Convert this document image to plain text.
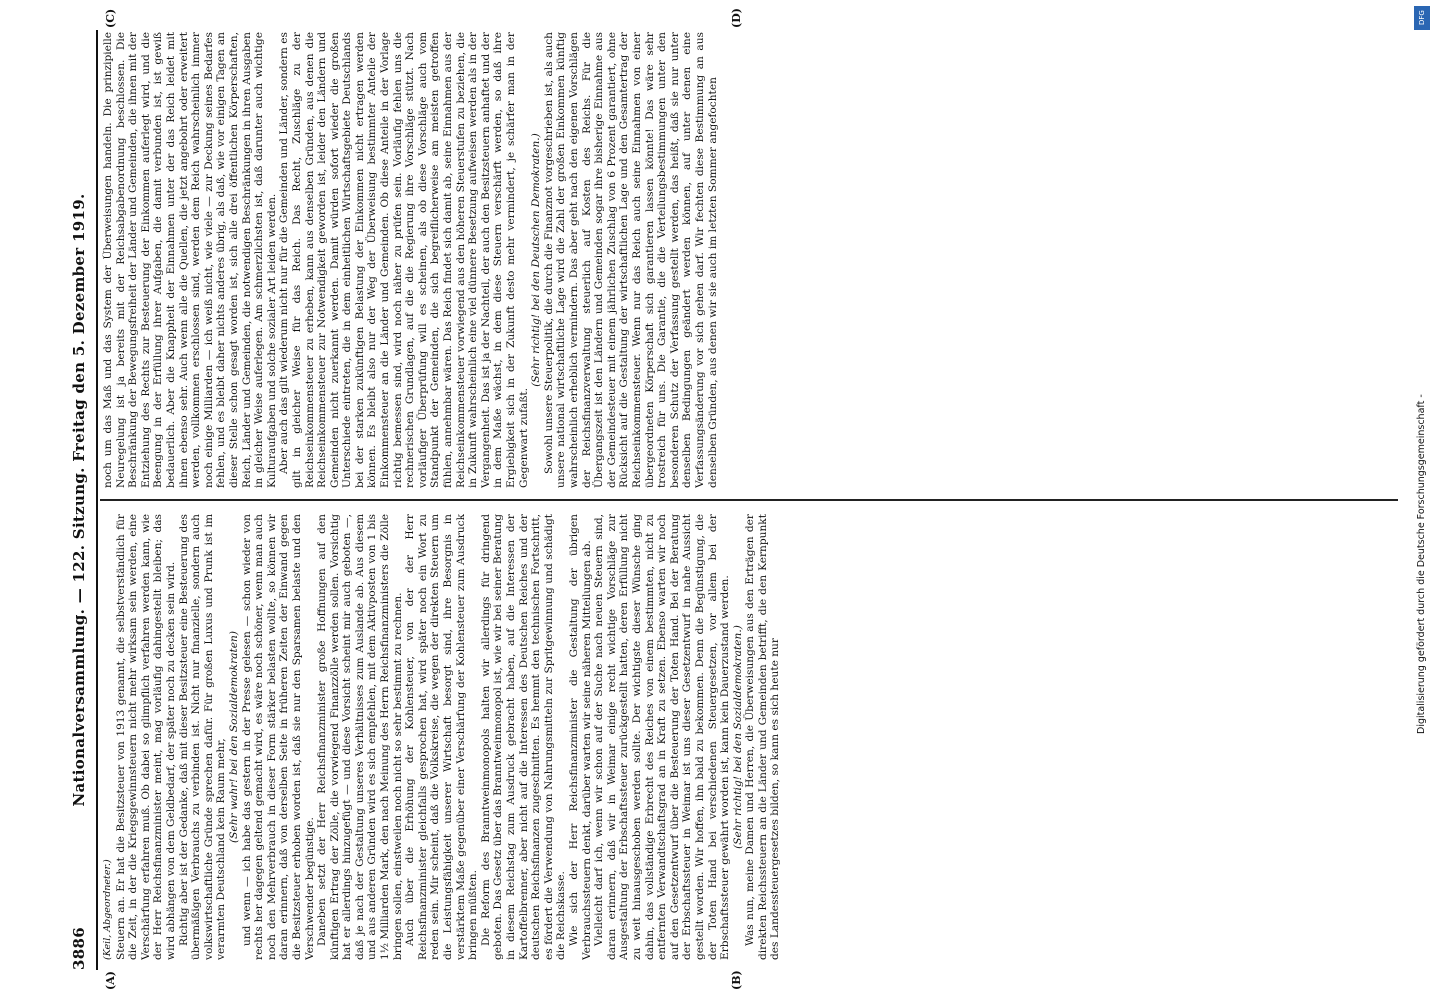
DFG
Digitalisierung gefördert durch die Deutsche Forschungsgemeinschaft -
3886
Nationalversammlung. — 122. Sitzung. Freitag den 5. Dezember 1919.
(A)	(B)
(C)	(D)

(Keil, Abgeordneter.) Steuern an. Er hat die Besitzsteuer von 1913 genannt, die selbstverständlich für die Zeit, in der die Kriegsgewinnsteuern nicht mehr wirksam sein werden, eine Verschärfung erfahren muß. Ob dabei so glimpflich verfahren werden kann, wie der Herr Reichsfinanzminister meint, mag vorläufig dahingestellt bleiben; das wird abhängen von dem Geldbedarf, der später noch zu decken sein wird. Richtig aber ist der Gedanke, daß mit dieser Besitzsteuer eine Besteuerung des übermäßigen Verbrauchs zu verbinden ist. Nicht nur finanzielle, sondern auch volkswirtschaftliche Gründe sprechen dafür. Für großen Luxus und Prunk ist im verarmten Deutschland kein Raum mehr,

(Sehr wahr! bei den Sozialdemokraten) und wenn — ich habe das gestern in der Presse gelesen — schon wieder von rechts her dagegen geltend gemacht wird, es wäre noch schöner, wenn man auch noch den Mehrverbrauch in dieser Form stärker belasten wollte, so können wir daran erinnern, daß von derselben Seite in früheren Zeiten der Einwand gegen die Besitzsteuer erhoben worden ist, daß sie nur den Sparsamen belaste und den Verschwender begünstige. Daneben setzt der Herr Reichsfinanzminister große Hoffnungen auf den künftigen Ertrag der Zölle, die vorwiegend Finanzzölle werden sollen. Vorsichtig hat er allerdings hinzugefügt — und diese Vorsicht scheint mir auch geboten —, daß je nach der Gestaltung unseres Verhältnisses zum Auslande ab. Aus diesem und aus anderen Gründen wird es sich empfehlen, mit dem Aktivposten von 1 bis 1½ Milliarden Mark, den nach Meinung des Herrn Reichsfinanzministers die Zölle bringen sollen, einstweilen noch nicht so sehr bestimmt zu rechnen. Auch über die Erhöhung der Kohlensteuer, von der der Herr Reichsfinanzminister gleichfalls gesprochen hat, wird später noch ein Wort zu reden sein. Mir scheint, daß die Volkskreise, die wegen der direkten Steuern um die Leistungsfähigkeit unserer Wirtschaft besorgt sind, ihre Besorgnis in verstärktem Maße gegenüber einer Verschärfung der Kohlensteuer zum Ausdruck bringen müßten. Die Reform des Branntweinmonopols halten wir allerdings für dringend geboten. Das Gesetz über das Branntweinmonopol ist, wie wir bei seiner Beratung in diesem Reichstag zum Ausdruck gebracht haben, auf die Interessen der Kartoffelbrenner, aber nicht auf die Interessen des Deutschen Reiches und der deutschen Reichsfinanzen zugeschnitten. Es hemmt den technischen Fortschritt, es fördert die Verwendung von Nahrungsmitteln zur Spritgewinnung und schädigt die Reichskasse. Wie sich der Herr Reichsfinanzminister die Gestaltung der übrigen Verbrauchssteuern denkt, darüber warten wir seine näheren Mitteilungen ab. Vielleicht darf ich, wenn wir schon auf der Suche nach neuen Steuern sind, daran erinnern, daß wir in Weimar einige recht wichtige Vorschläge zur Ausgestaltung der Erbschaftssteuer zurückgestellt hatten, deren Erfüllung nicht zu weit hinausgeschoben werden sollte. Der wichtigste dieser Wünsche ging dahin, das vollständige Erbrecht des Reiches von einem bestimmten, nicht zu entfernten Verwandtschaftsgrad an in Kraft zu setzen. Ebenso warten wir noch auf den Gesetzentwurf über die Besteuerung der Toten Hand. Bei der Beratung der Erbschaftssteuer in Weimar ist uns dieser Gesetzentwurf in nahe Aussicht gestellt worden. Wir hoffen, ihn bald zu bekommen. Denn die Begünstigung, die der Toten Hand bei verschiedenen Steuergesetzen, vor allem bei der Erbschaftssteuer gewährt worden ist, kann kein Dauerzustand werden. (Sehr richtig! bei den Sozialdemokraten.) Was nun, meine Damen und Herren, die Überweisungen aus den Erträgen der direkten Reichssteuern an die Länder und Gemeinden betrifft, die den Kernpunkt des Landessteuergesetzes bilden, so kann es sich heute nur

noch um das Maß und das System der Überweisungen handeln. Die prinzipielle Neuregelung ist ja bereits mit der Reichsabgabenordnung beschlossen. Die Beschränkung der Bewegungsfreiheit der Länder und Gemeinden, die ihnen mit der Entziehung des Rechts zur Besteuerung der Einkommen auferlegt wird, und die Beengung in der Erfüllung ihrer Aufgaben, die damit verbunden ist, ist gewiß bedauerlich. Aber die Knappheit der Einnahmen unter der das Reich leidet mit ihnen ebenso sehr. Auch wenn alle die Quellen, die jetzt angebohrt oder erweitert werden, vollkommen erschlossen sind, werden dem Reich wahrscheinlich immer noch einige Milliarden — ich weiß nicht, wie viele — zur Deckung seines Bedarfes fehlen, und es bleibt daher nichts anderes übrig, als daß, wie vor einigen Tagen an dieser Stelle schon gesagt worden ist, sich alle drei öffentlichen Körperschaften, Reich, Länder und Gemeinden, die notwendigen Beschränkungen in ihren Ausgaben in gleicher Weise auferlegen. Am schmerzlichsten ist, daß darunter auch wichtige Kulturaufgaben und solche sozialer Art leiden werden. Aber auch das gilt wiederum nicht nur für die Gemeinden und Länder, sondern es gilt in gleicher Weise für das Reich. Das Recht, Zuschläge zu der Reichseinkommensteuer zu erheben, kann aus denselben Gründen, aus denen die Reichseinkommensteuer zur Notwendigkeit geworden ist, leider den Ländern und Gemeinden nicht zuerkannt werden. Damit würden sofort wieder die großen Unterschiede eintreten, die in dem einheitlichen Wirtschaftsgebiete Deutschlands bei der starken zukünftigen Belastung der Einkommen nicht ertragen werden können. Es bleibt also nur der Weg der Überweisung bestimmter Anteile der Einkommensteuer an die Länder und Gemeinden. Ob diese Anteile in der Vorlage richtig bemessen sind, wird noch näher zu prüfen sein. Vorläufig fehlen uns die rechnerischen Grundlagen, auf die die Regierung ihre Vorschläge stützt. Nach vorläufiger Überprüfung will es scheinen, als ob diese Vorschläge auch vom Standpunkt der Gemeinden, die sich begreiflicherweise am meisten getroffen fühlen, annehmbar wären. Das Reich findet sich damit ab, seine Einnahmen aus der Reichseinkommensteuer vorwiegend aus den höheren Steuerstufen zu beziehen, die in Zukunft wahrscheinlich eine viel dünnere Besetzung aufweisen werden als in der Vergangenheit. Das ist ja der Nachteil, der auch den Besitzsteuern anhaftet und der in dem Maße wächst, in dem diese Steuern verschärft werden, so daß ihre Ergiebigkeit sich in der Zukunft desto mehr vermindert, je schärfer man in der Gegenwart zufaßt.

(Sehr richtig! bei den Deutschen Demokraten.) Sowohl unsere Steuerpolitik, die durch die Finanznot vorgeschrieben ist, als auch unsere national wirtschaftliche Lage wird die Zahl der großen Einkommen künftig wahrscheinlich erheblich vermindern. Das aber geht nach den eigenen Vorschlägen der Reichsfinanzverwaltung steuerlich auf Kosten des Reichs. Für die Übergangszeit ist den Ländern und Gemeinden sogar ihre bisherige Einnahme aus der Gemeindesteuer mit einem jährlichen Zuschlag von 6 Prozent garantiert, ohne Rücksicht auf die Gestaltung der wirtschaftlichen Lage und den Gesamtertrag der Reichseinkommensteuer. Wenn nur das Reich auch seine Einnahmen von einer übergeordneten Körperschaft sich garantieren lassen könnte! Das wäre sehr trostreich für uns. Die Garantie, die die Verteilungsbestimmungen unter den besonderen Schutz der Verfassung gestellt werden, das heißt, daß sie nur unter denselben Bedingungen geändert werden können, auf unter denen eine Verfassungsänderung vor sich gehen darf. Wir fechten diese Bestimmung an aus denselben Gründen, aus denen wir sie auch im letzten Sommer angefochten
